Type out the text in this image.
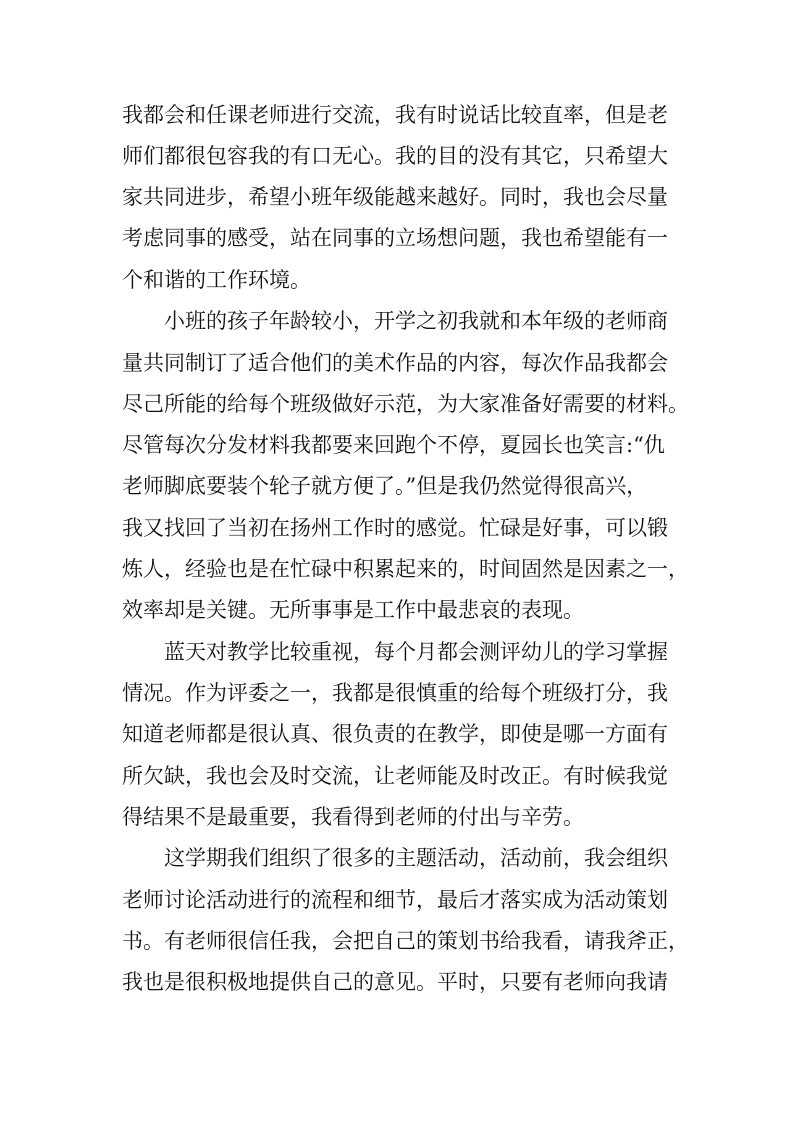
我都会和任课老师进行交流，我有时说话比较直率，但是老
师们都很包容我的有口无心。我的目的没有其它，只希望大
家共同进步，希望小班年级能越来越好。同时，我也会尽量
考虑同事的感受，站在同事的立场想问题，我也希望能有一
个和谐的工作环境。
小班的孩子年龄较小，开学之初我就和本年级的老师商
量共同制订了适合他们的美术作品的内容，每次作品我都会
尽己所能的给每个班级做好示范，为大家准备好需要的材料。
尽管每次分发材料我都要来回跑个不停，夏园长也笑言:“仇
老师脚底要装个轮子就方便了。”但是我仍然觉得很高兴，
我又找回了当初在扬州工作时的感觉。忙碌是好事，可以锻
炼人，经验也是在忙碌中积累起来的，时间固然是因素之一，
效率却是关键。无所事事是工作中最悲哀的表现。
蓝天对教学比较重视，每个月都会测评幼儿的学习掌握
情况。作为评委之一，我都是很慎重的给每个班级打分，我
知道老师都是很认真、很负责的在教学，即使是哪一方面有
所欠缺，我也会及时交流，让老师能及时改正。有时候我觉
得结果不是最重要，我看得到老师的付出与辛劳。
这学期我们组织了很多的主题活动，活动前，我会组织
老师讨论活动进行的流程和细节，最后才落实成为活动策划
书。有老师很信任我，会把自己的策划书给我看，请我斧正，
我也是很积极地提供自己的意见。平时，只要有老师向我请
